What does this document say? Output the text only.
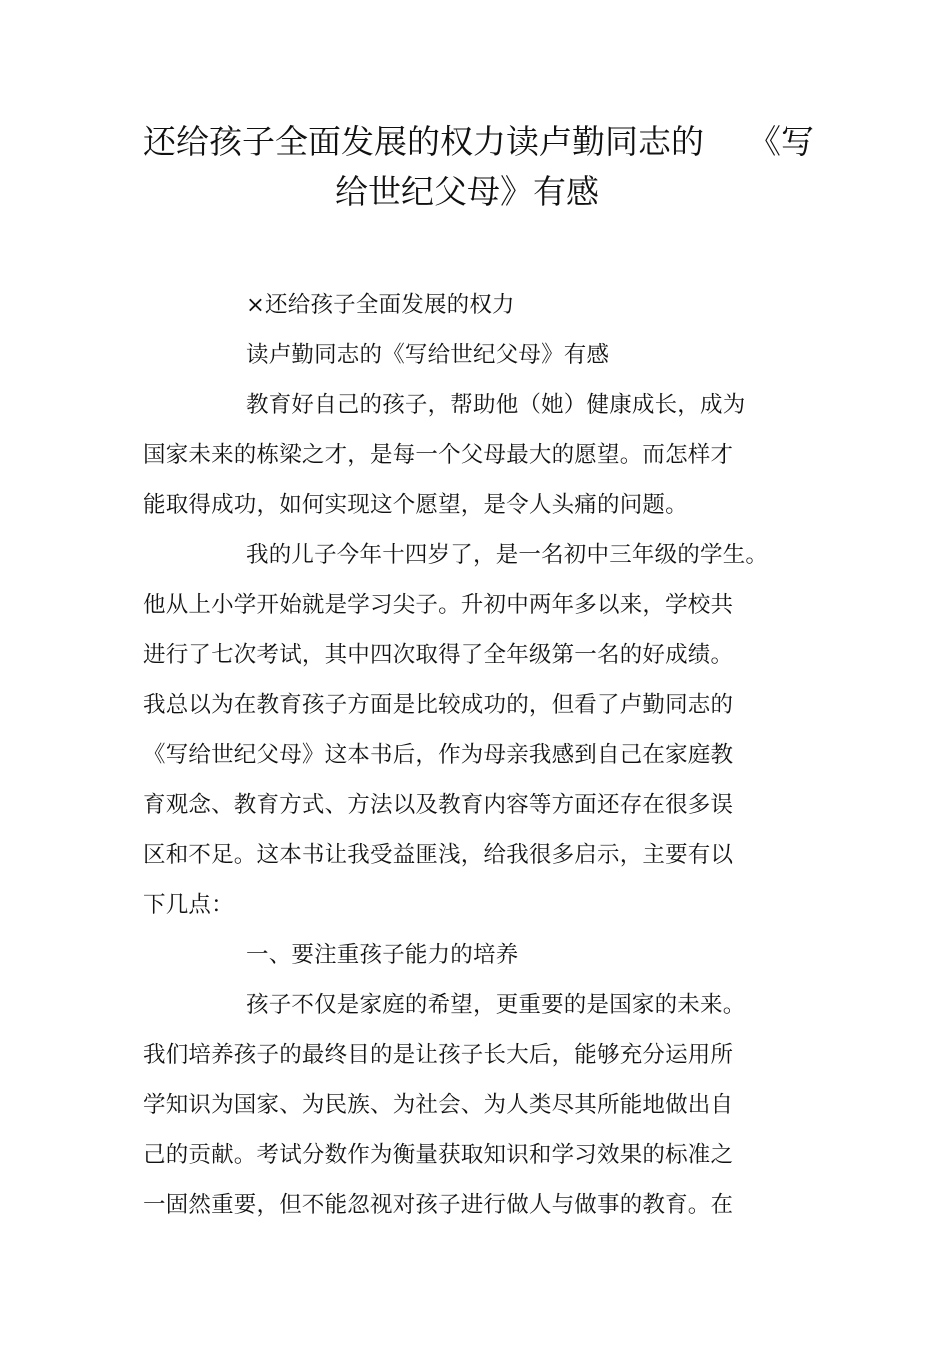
还给孩子全面发展的权力读卢勤同志的 《写
给世纪父母》有感
×还给孩子全面发展的权力
读卢勤同志的《写给世纪父母》有感
教育好自己的孩子，帮助他（她）健康成长，成为
国家未来的栋梁之才，是每一个父母最大的愿望。而怎样才
能取得成功，如何实现这个愿望，是令人头痛的问题。
我的儿子今年十四岁了，是一名初中三年级的学生。
他从上小学开始就是学习尖子。升初中两年多以来，学校共
进行了七次考试，其中四次取得了全年级第一名的好成绩。
我总以为在教育孩子方面是比较成功的，但看了卢勤同志的
《写给世纪父母》这本书后，作为母亲我感到自己在家庭教
育观念、教育方式、方法以及教育内容等方面还存在很多误
区和不足。这本书让我受益匪浅，给我很多启示，主要有以
下几点：
一、要注重孩子能力的培养
孩子不仅是家庭的希望，更重要的是国家的未来。
我们培养孩子的最终目的是让孩子长大后，能够充分运用所
学知识为国家、为民族、为社会、为人类尽其所能地做出自
己的贡献。考试分数作为衡量获取知识和学习效果的标准之
一固然重要，但不能忽视对孩子进行做人与做事的教育。在
